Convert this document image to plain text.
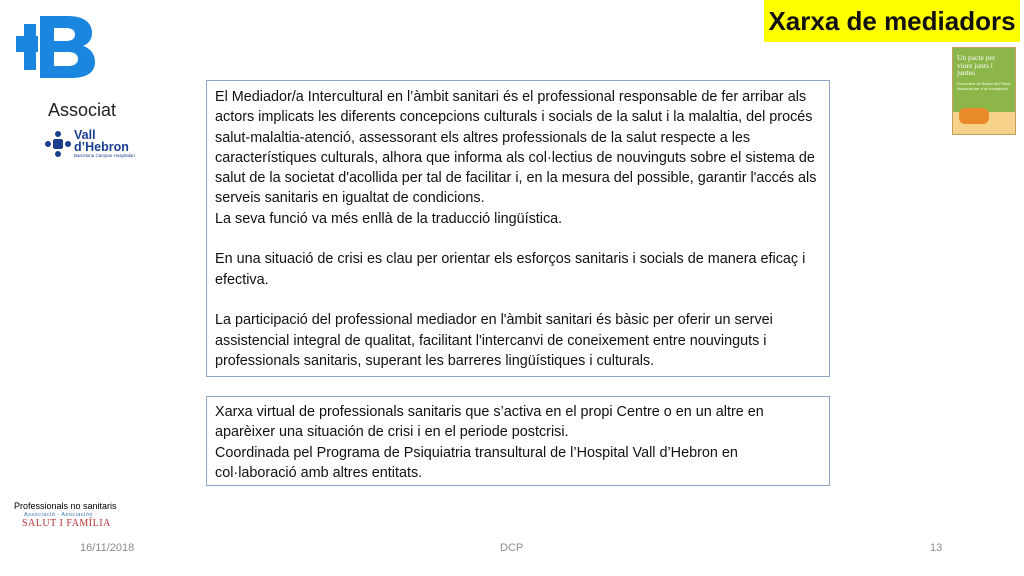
Associat
Vall
d’Hebron
Barcelona Campus Hospitalari
Xarxa de mediadors
Un pacte per viure junts i juntes
Document de Bases del Pacte Nacional per a la Immigració

El Mediador/a Intercultural en l’àmbit sanitari és el professional responsable de fer arribar als actors implicats les diferents concepcions culturals i socials de la salut i la malaltia, del procés salut-malaltia-atenció, assessorant els altres professionals de la salut respecte a les característiques culturals, alhora que informa als col·lectius de nouvinguts sobre el sistema de salut de la societat d'acollida per tal de facilitar i, en la mesura del possible, garantir l'accés als serveis sanitaris en igualtat de condicions.

La seva funció va més enllà de la traducció lingüística.

En una situació de crisi es clau per orientar els esforços sanitaris i socials de manera eficaç i efectiva.

La participació del professional mediador en l'àmbit sanitari és bàsic per oferir un servei assistencial integral de qualitat, facilitant l'intercanvi de coneixement entre nouvinguts i professionals sanitaris, superant les barreres lingüístiques i culturals.

Xarxa virtual de professionals sanitaris que s’activa en el propi Centre o en un altre en aparèixer una situación de crisi i en el periode postcrisi.

Coordinada pel Programa de Psiquiatria transultural de l’Hospital Vall d’Hebron en col·laboració amb altres entitats.

Professionals no sanitaris
Associació · Asociación
SALUT I FAMÍLIA
16/11/2018	DCP	13
